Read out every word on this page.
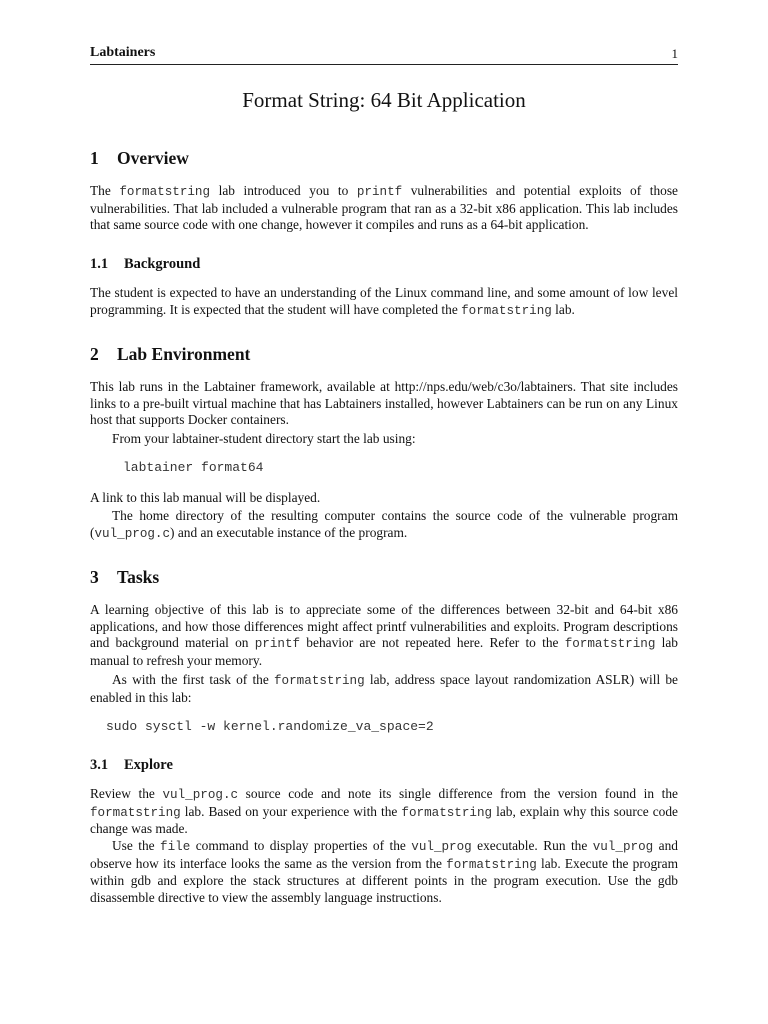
Labtainers	1
Format String: 64 Bit Application
1 Overview

The formatstring lab introduced you to printf vulnerabilities and potential exploits of those vulnerabilities. That lab included a vulnerable program that ran as a 32-bit x86 application. This lab includes that same source code with one change, however it compiles and runs as a 64-bit application.

1.1 Background

The student is expected to have an understanding of the Linux command line, and some amount of low level programming. It is expected that the student will have completed the formatstring lab.

2 Lab Environment

This lab runs in the Labtainer framework, available at http://nps.edu/web/c3o/labtainers. That site includes links to a pre-built virtual machine that has Labtainers installed, however Labtainers can be run on any Linux host that supports Docker containers.

From your labtainer-student directory start the lab using:

labtainer format64

A link to this lab manual will be displayed.

The home directory of the resulting computer contains the source code of the vulnerable program (vul_prog.c) and an executable instance of the program.

3 Tasks

A learning objective of this lab is to appreciate some of the differences between 32-bit and 64-bit x86 applications, and how those differences might affect printf vulnerabilities and exploits. Program descriptions and background material on printf behavior are not repeated here. Refer to the formatstring lab manual to refresh your memory.

As with the first task of the formatstring lab, address space layout randomization ASLR) will be enabled in this lab:

sudo sysctl -w kernel.randomize_va_space=2
3.1 Explore

Review the vul_prog.c source code and note its single difference from the version found in the formatstring lab. Based on your experience with the formatstring lab, explain why this source code change was made.

Use the file command to display properties of the vul_prog executable. Run the vul_prog and observe how its interface looks the same as the version from the formatstring lab. Execute the program within gdb and explore the stack structures at different points in the program execution. Use the gdb disassemble directive to view the assembly language instructions.
